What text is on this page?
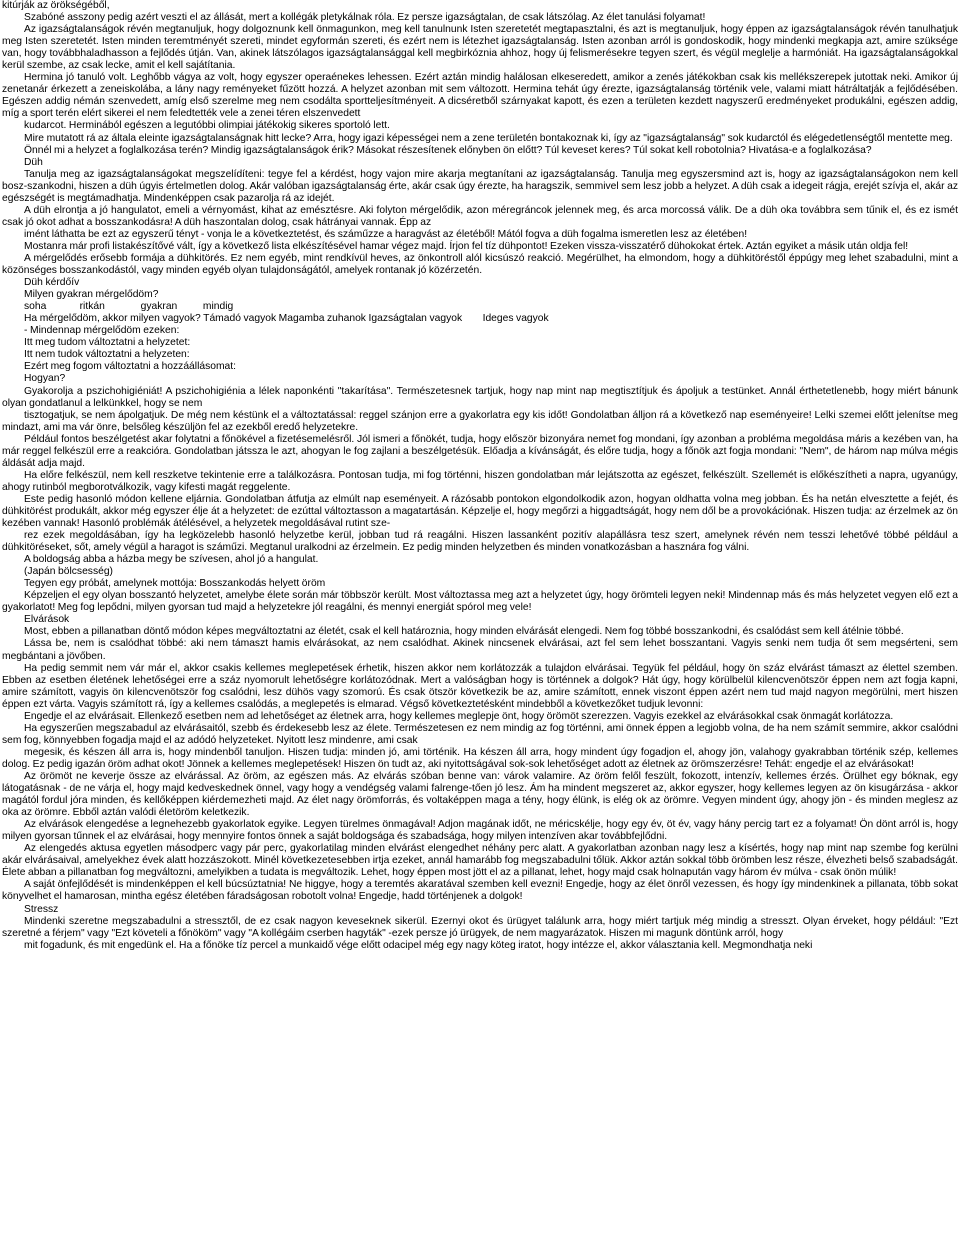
kitúrják az örökségéből,

Szabóné asszony pedig azért veszti el az állását, mert a kollégák pletykálnak róla. Ez persze igazságtalan, de csak látszólag. Az élet tanulási folyamat!

Az igazságtalanságok révén megtanuljuk, hogy dolgoznunk kell önmagunkon, meg kell tanulnunk Isten szeretetét megtapasztalni, és azt is megtanuljuk, hogy éppen az igazságtalanságok révén tanulhatjuk meg Isten szeretetét. Isten minden teremtményét szereti, mindet egyformán szereti, és ezért nem is létezhet igazságtalanság. Isten azonban arról is gondoskodik, hogy mindenki megkapja azt, amire szüksége van, hogy továbbhaladhasson a fejlődés útján. Van, akinek látszólagos igazságtalansággal kell megbirkóznia ahhoz, hogy új felismerésekre tegyen szert, és végül meglelje a harmóniát. Ha igazságtalanságokkal kerül szembe, az csak lecke, amit el kell sajátítania.

Hermina jó tanuló volt. Leghőbb vágya az volt, hogy egyszer operaénekes lehessen. Ezért aztán mindig halálosan elkeseredett, amikor a zenés játékokban csak kis mellékszerepek jutottak neki. Amikor új zenetanár érkezett a zeneiskolába, a lány nagy reményeket fűzött hozzá. A helyzet azonban mit sem változott. Hermina tehát úgy érezte, igazságtalanság történik vele, valami miatt hátráltatják a fejlődésében. Egészen addig némán szenvedett, amíg első szerelme meg nem csodálta sportteljesítményeit. A dicséretből szárnyakat kapott, és ezen a területen kezdett nagyszerű eredményeket produkálni, egészen addig, míg a sport terén elért sikerei el nem feledtették vele a zenei téren elszenvedett

kudarcot. Herminából egészen a legutóbbi olimpiai játékokig sikeres sportoló lett.

Mire mutatott rá az általa eleinte igazságtalanságnak hitt lecke? Arra, hogy igazi képességei nem a zene területén bontakoznak ki, így az "igazságtalanság" sok kudarctól és elégedetlenségtől mentette meg.

Önnél mi a helyzet a foglalkozása terén? Mindig igazságtalanságok érik? Másokat részesítenek előnyben ön előtt? Túl keveset keres? Túl sokat kell robotolnia? Hivatása-e a foglalkozása?

Düh

Tanulja meg az igazságtalanságokat megszelídíteni: tegye fel a kérdést, hogy vajon mire akarja megtanítani az igazságtalanság. Tanulja meg egyszersmind azt is, hogy az igazságtalanságokon nem kell bosz-szankodni, hiszen a düh úgyis értelmetlen dolog. Akár valóban igazságtalanság érte, akár csak úgy érezte, ha haragszik, semmivel sem lesz jobb a helyzet. A düh csak a idegeit rágja, erejét szívja el, akár az egészségét is megtámadhatja. Mindenképpen csak pazarolja rá az idejét.

A düh elrontja a jó hangulatot, emeli a vérnyomást, kihat az emésztésre. Aki folyton mérgelődik, azon méregráncok jelennek meg, és arca morcossá válik. De a düh oka továbbra sem tűnik el, és ez ismét csak jó okot adhat a bosszankodásra! A düh haszontalan dolog, csak hátrányai vannak. Épp az

imént láthatta be ezt az egyszerű tényt - vonja le a következtetést, és száműzze a haragvást az életéből! Mától fogva a düh fogalma ismeretlen lesz az életében!

Mostanra már profi listakészítővé vált, így a következő lista elkészítésével hamar végez majd. Írjon fel tíz dühpontot! Ezeken vissza-visszatérő dühokokat értek. Aztán egyiket a másik után oldja fel!

A mérgelődés erősebb formája a dühkitörés. Ez nem egyéb, mint rendkívül heves, az önkontroll alól kicsúszó reakció. Megérülhet, ha elmondom, hogy a dühkitöréstől éppúgy meg lehet szabadulni, mint a közönséges bosszankodástól, vagy minden egyéb olyan tulajdonságától, amelyek rontanak jó közérzetén.

Düh kérdőív

Milyen gyakran mérgelődöm?

soha             ritkán              gyakran          mindig

Ha mérgelődöm, akkor milyen vagyok? Támadó vagyok Magamba zuhanok Igazságtalan vagyok        Ideges vagyok

- Mindennap mérgelődöm ezeken:

Itt meg tudom változtatni a helyzetet:

Itt nem tudok változtatni a helyzeten:

Ezért meg fogom változtatni a hozzáállásomat:

Hogyan?

Gyakorolja a pszichohigiéniát! A pszichohigiénia a lélek naponkénti "takarítása". Természetesnek tartjuk, hogy nap mint nap megtisztítjuk és ápoljuk a testünket. Annál érthetetlenebb, hogy miért bánunk olyan gondatlanul a lelkünkkel, hogy se nem

tisztogatjuk, se nem ápolgatjuk. De még nem késtünk el a változtatással: reggel szánjon erre a gyakorlatra egy kis időt! Gondolatban álljon rá a következő nap eseményeire! Lelki szemei előtt jelenítse meg mindazt, ami ma vár önre, belsőleg készüljön fel az ezekből eredő helyzetekre.

Például fontos beszélgetést akar folytatni a főnökével a fizetésemelésről. Jól ismeri a főnökét, tudja, hogy először bizonyára nemet fog mondani, így azonban a probléma megoldása máris a kezében van, ha már reggel felkészül erre a reakcióra. Gondolatban játssza le azt, ahogyan le fog zajlani a beszélgetésük. Előadja a kívánságát, és előre tudja, hogy a főnök azt fogja mondani: "Nem", de három nap múlva mégis áldását adja majd.

Ha előre felkészül, nem kell reszketve tekintenie erre a találkozásra. Pontosan tudja, mi fog történni, hiszen gondolatban már lejátszotta az egészet, felkészült. Szellemét is előkészítheti a napra, ugyanúgy, ahogy rutinból megborotválkozik, vagy kifesti magát reggelente.

Este pedig hasonló módon kellene eljárnia. Gondolatban átfutja az elmúlt nap eseményeit. A rázósabb pontokon elgondolkodik azon, hogyan oldhatta volna meg jobban. És ha netán elvesztette a fejét, és dühkitörést produkált, akkor még egyszer élje át a helyzetet: de ezúttal változtasson a magatartásán. Képzelje el, hogy megőrzi a higgadtságát, hogy nem dől be a provokációnak. Hiszen tudja: az érzelmek az ön kezében vannak! Hasonló problémák átélésével, a helyzetek megoldásával rutint sze-

rez ezek megoldásában, így ha legközelebb hasonló helyzetbe kerül, jobban tud rá reagálni. Hiszen lassanként pozitív alapállásra tesz szert, amelynek révén nem tesszi lehetővé többé például a dühkitöréseket, sőt, amely végül a haragot is száműzi. Megtanul uralkodni az érzelmein. Ez pedig minden helyzetben és minden vonatkozásban a hasznára fog válni.

A boldogság abba a házba megy be szívesen, ahol jó a hangulat.

(Japán bölcsesség)

Tegyen egy próbát, amelynek mottója: Bosszankodás helyett öröm

Képzeljen el egy olyan bosszantó helyzetet, amelybe élete során már többször került. Most változtassa meg azt a helyzetet úgy, hogy örömteli legyen neki! Mindennap más és más helyzetet vegyen elő ezt a gyakorlatot! Meg fog lepődni, milyen gyorsan tud majd a helyzetekre jól reagálni, és mennyi energiát spórol meg vele!

Elvárások

Most, ebben a pillanatban döntő módon képes megváltoztatni az életét, csak el kell határoznia, hogy minden elvárását elengedi. Nem fog többé bosszankodni, és csalódást sem kell átélnie többé.

Lássa be, nem is csalódhat többé: aki nem támaszt hamis elvárásokat, az nem csalódhat. Akinek nincsenek elvárásai, azt fel sem lehet bosszantani. Vagyis senki nem tudja őt sem megsérteni, sem megbántani a jövőben.

Ha pedig semmit nem vár már el, akkor csakis kellemes meglepetések érhetik, hiszen akkor nem korlátozzák a tulajdon elvárásai. Tegyük fel például, hogy ön száz elvárást támaszt az élettel szemben. Ebben az esetben életének lehetőségei erre a száz nyomorult lehetőségre korlátozódnak. Mert a valóságban hogy is történnek a dolgok? Hát úgy, hogy körülbelül kilencvenötször éppen nem azt fogja kapni, amire számított, vagyis ön kilencvenötször fog csalódni, lesz dühös vagy szomorú. És csak ötször következik be az, amire számított, ennek viszont éppen azért nem tud majd nagyon megörülni, mert hiszen éppen ezt várta. Vagyis számított rá, így a kellemes csalódás, a meglepetés is elmarad. Végső következtetésként mindebből a következőket tudjuk levonni:

Engedje el az elvárásait. Ellenkező esetben nem ad lehetőséget az életnek arra, hogy kellemes meglepje önt, hogy örömöt szerezzen. Vagyis ezekkel az elvárásokkal csak önmagát korlátozza.

Ha egyszerűen megszabadul az elvárásaitól, szebb és érdekesebb lesz az élete. Természetesen ez nem mindig az fog történni, ami önnek éppen a legjobb volna, de ha nem számít semmire, akkor csalódni sem fog, könnyebben fogadja majd el az adódó helyzeteket. Nyitott lesz mindenre, ami csak

megesik, és készen áll arra is, hogy mindenből tanuljon. Hiszen tudja: minden jó, ami történik. Ha készen áll arra, hogy mindent úgy fogadjon el, ahogy jön, valahogy gyakrabban történik szép, kellemes dolog. Ez pedig igazán öröm adhat okot! Jönnek a kellemes meglepetések! Hiszen ön tudt az, aki nyitottságával sok-sok lehetőséget adott az életnek az örömszerzésre! Tehát: engedje el az elvárásokat!

Az örömöt ne keverje össze az elvárással. Az öröm, az egészen más. Az elvárás szóban benne van: várok valamire. Az öröm felől feszült, fokozott, intenzív, kellemes érzés. Örülhet egy bóknak, egy látogatásnak - de ne várja el, hogy majd kedveskednek önnel, vagy hogy a vendégség valami falrenge-tően jó lesz. Ám ha mindent megszeret az, akkor egyszer, hogy kellemes legyen az ön kisugárzása - akkor magától fordul jóra minden, és kellőképpen kiérdemezheti majd. Az élet nagy örömforrás, és voltaképpen maga a tény, hogy élünk, is elég ok az örömre. Vegyen mindent úgy, ahogy jön - és minden meglesz az oka az örömre. Ebből aztán valódi életöröm keletkezik.

Az elvárások elengedése a legnehezebb gyakorlatok egyike. Legyen türelmes önmagával! Adjon magának időt, ne méricskélje, hogy egy év, öt év, vagy hány percig tart ez a folyamat! Ön dönt arról is, hogy milyen gyorsan tűnnek el az elvárásai, hogy mennyire fontos önnek a saját boldogsága és szabadsága, hogy milyen intenzíven akar továbbfejlődni.

Az elengedés aktusa egyetlen másodperc vagy pár perc, gyakorlatilag minden elvárást elengedhet néhány perc alatt. A gyakorlatban azonban nagy lesz a kísértés, hogy nap mint nap szembe fog kerülni akár elvárásaival, amelyekhez évek alatt hozzászokott. Minél következetesebben irtja ezeket, annál hamarább fog megszabadulni tőlük. Akkor aztán sokkal több örömben lesz része, élvezheti belső szabadságát. Élete abban a pillanatban fog megváltozni, amelyikben a tudata is megváltozik. Lehet, hogy éppen most jött el az a pillanat, lehet, hogy majd csak holnapután vagy három év múlva - csak önön múlik!

A saját önfejlődését is mindenképpen el kell búcsúztatnia! Ne higgye, hogy a teremtés akaratával szemben kell evezni! Engedje, hogy az élet önről vezessen, és hogy így mindenkinek a pillanata, több sokat könyvelhet el hamarosan, mintha egész életében fáradságosan robotolt volna! Engedje, hadd történjenek a dolgok!

Stressz

Mindenki szeretne megszabadulni a stressztől, de ez csak nagyon keveseknek sikerül. Ezernyi okot és ürügyet találunk arra, hogy miért tartjuk még mindig a stresszt. Olyan érveket, hogy például: "Ezt szeretné a férjem" vagy "Ezt követeli a főnököm" vagy "A kollégáim cserben hagyták" -ezek persze jó ürügyek, de nem magyarázatok. Hiszen mi magunk döntünk arról, hogy

mit fogadunk, és mit engedünk el. Ha a főnöke tíz percel a munkaidő vége előtt odacipel még egy nagy köteg iratot, hogy intézze el, akkor választania kell. Megmondhatja neki
